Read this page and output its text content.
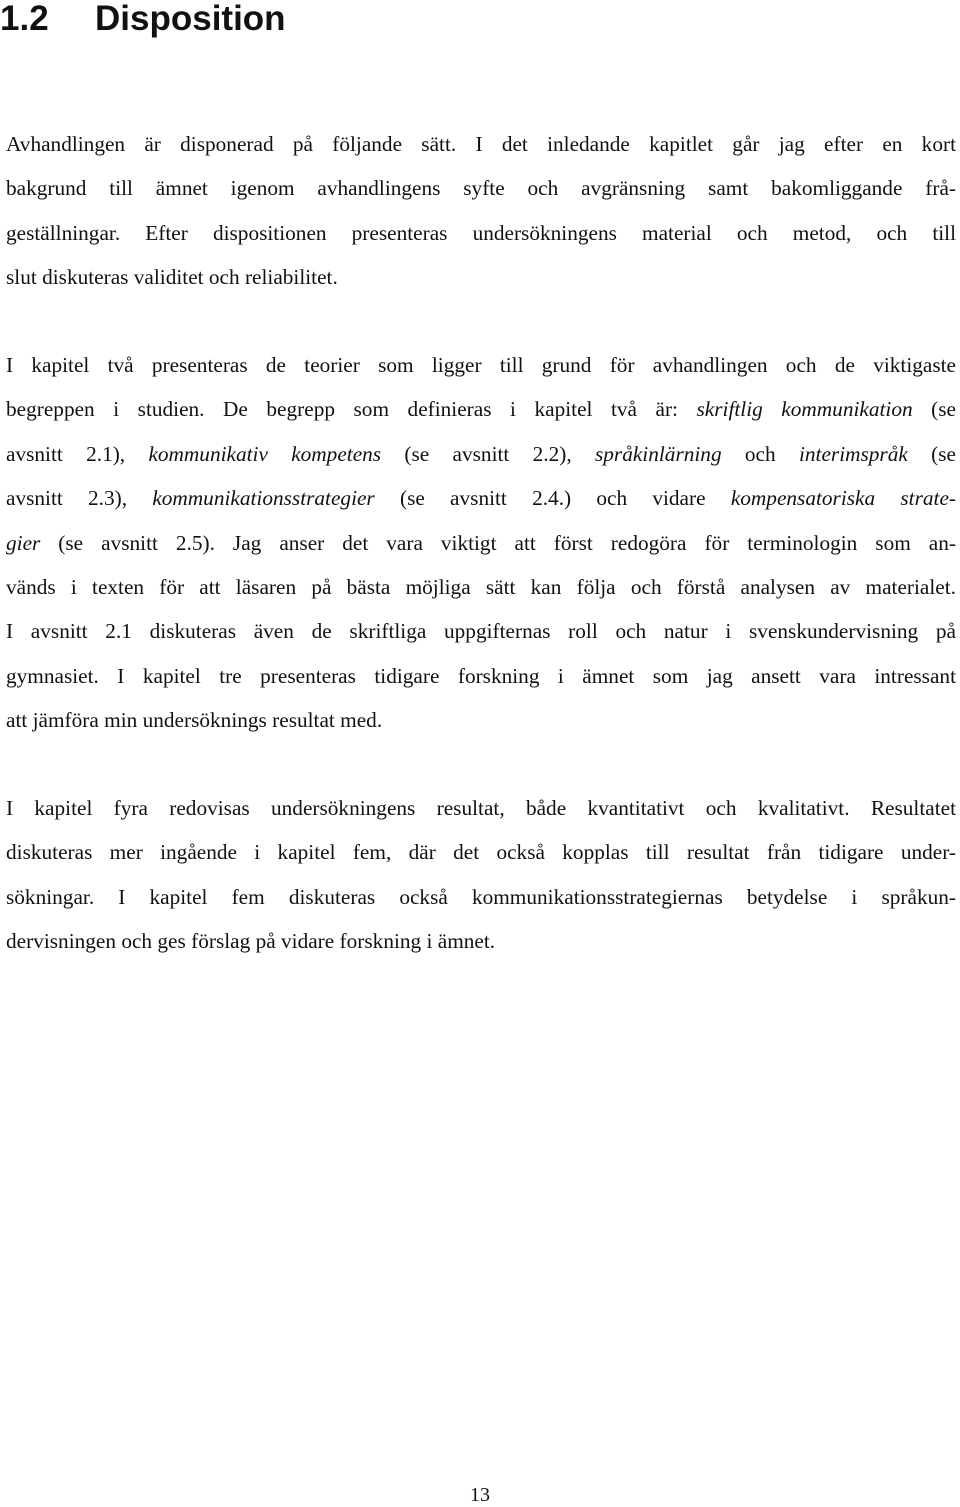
1.2 Disposition
Avhandlingen är disponerad på följande sätt. I det inledande kapitlet går jag efter en kort
bakgrund till ämnet igenom avhandlingens syfte och avgränsning samt bakomliggande frå-
geställningar. Efter dispositionen presenteras undersökningens material och metod, och till
slut diskuteras validitet och reliabilitet.
I kapitel två presenteras de teorier som ligger till grund för avhandlingen och de viktigaste
begreppen i studien. De begrepp som definieras i kapitel två är: skriftlig kommunikation (se
avsnitt 2.1), kommunikativ kompetens (se avsnitt 2.2), språkinlärning och interimspråk (se
avsnitt 2.3), kommunikationsstrategier (se avsnitt 2.4.) och vidare kompensatoriska strate-
gier (se avsnitt 2.5). Jag anser det vara viktigt att först redogöra för terminologin som an-
vänds i texten för att läsaren på bästa möjliga sätt kan följa och förstå analysen av materialet.
I avsnitt 2.1 diskuteras även de skriftliga uppgifternas roll och natur i svenskundervisning på
gymnasiet. I kapitel tre presenteras tidigare forskning i ämnet som jag ansett vara intressant
att jämföra min undersöknings resultat med.
I kapitel fyra redovisas undersökningens resultat, både kvantitativt och kvalitativt. Resultatet
diskuteras mer ingående i kapitel fem, där det också kopplas till resultat från tidigare under-
sökningar. I kapitel fem diskuteras också kommunikationsstrategiernas betydelse i språkun-
dervisningen och ges förslag på vidare forskning i ämnet.
13
